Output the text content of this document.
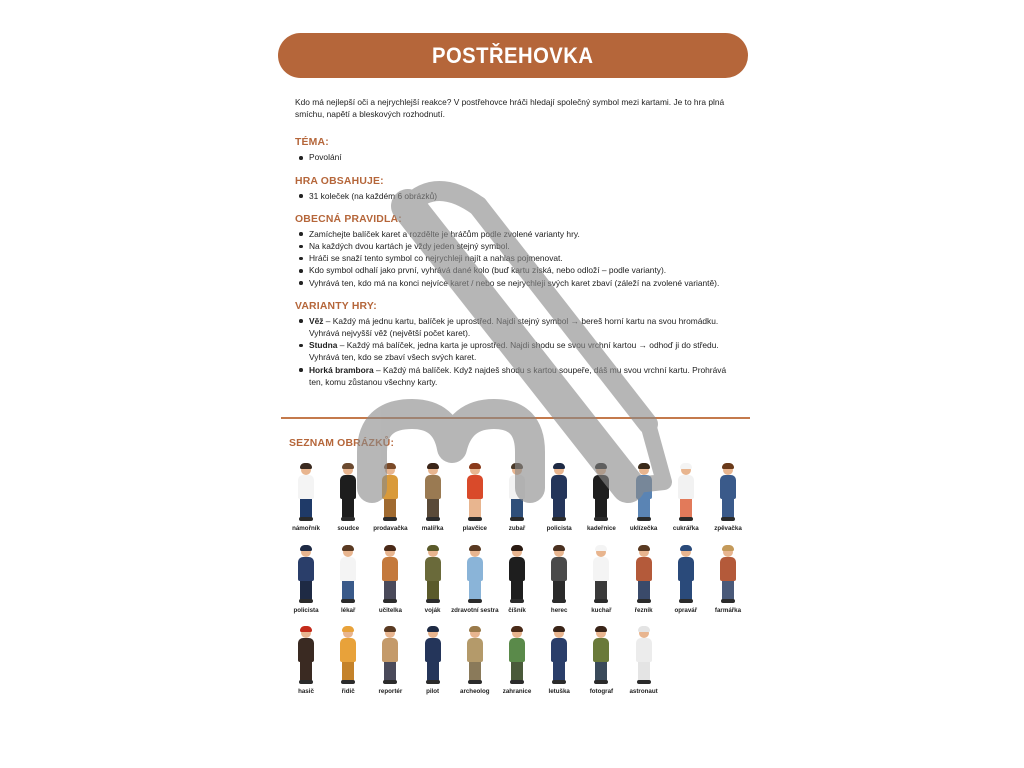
POSTŘEHOVKA

Kdo má nejlepší oči a nejrychlejší reakce? V postřehovce hráči hledají společný symbol mezi kartami. Je to hra plná smíchu, napětí a bleskových rozhodnutí.

TÉMA:
Povolání
HRA OBSAHUJE:
31 koleček (na každém 6 obrázků)
OBECNÁ PRAVIDLA:
Zamíchejte balíček karet a rozdělte je hráčům podle zvolené varianty hry.
Na každých dvou kartách je vždy jeden stejný symbol.
Hráči se snaží tento symbol co nejrychleji najít a nahlas pojmenovat.
Kdo symbol odhalí jako první, vyhrává dané kolo (buď kartu získá, nebo odloží – podle varianty).
Vyhrává ten, kdo má na konci nejvíce karet / nebo se nejrychleji svých karet zbaví (záleží na zvolené variantě).
VARIANTY HRY:
Věž – Každý má jednu kartu, balíček je uprostřed. Najdi stejný symbol → bereš horní kartu na svou hromádku. Vyhrává nejvyšší věž (největší počet karet).
Studna – Každý má balíček, jedna karta je uprostřed. Najdi shodu se svou vrchní kartou → odhoď ji do středu. Vyhrává ten, kdo se zbaví všech svých karet.
Horká brambora – Každý má balíček. Když najdeš shodu s kartou soupeře, dáš mu svou vrchní kartu. Prohrává ten, komu zůstanou všechny karty.
SEZNAM OBRÁZKŮ:
námořník	soudce	prodavačka	malířka	plavčice	zubař	policista	kadeřnice	uklízečka	cukrářka	zpěvačka
policista	lékař	učitelka	voják	zdravotní sestra	číšník	herec	kuchař	řezník	opravář	farmářka
hasič	řidič	reportér	pilot	archeolog	zahranice	letuška	fotograf	astronaut
